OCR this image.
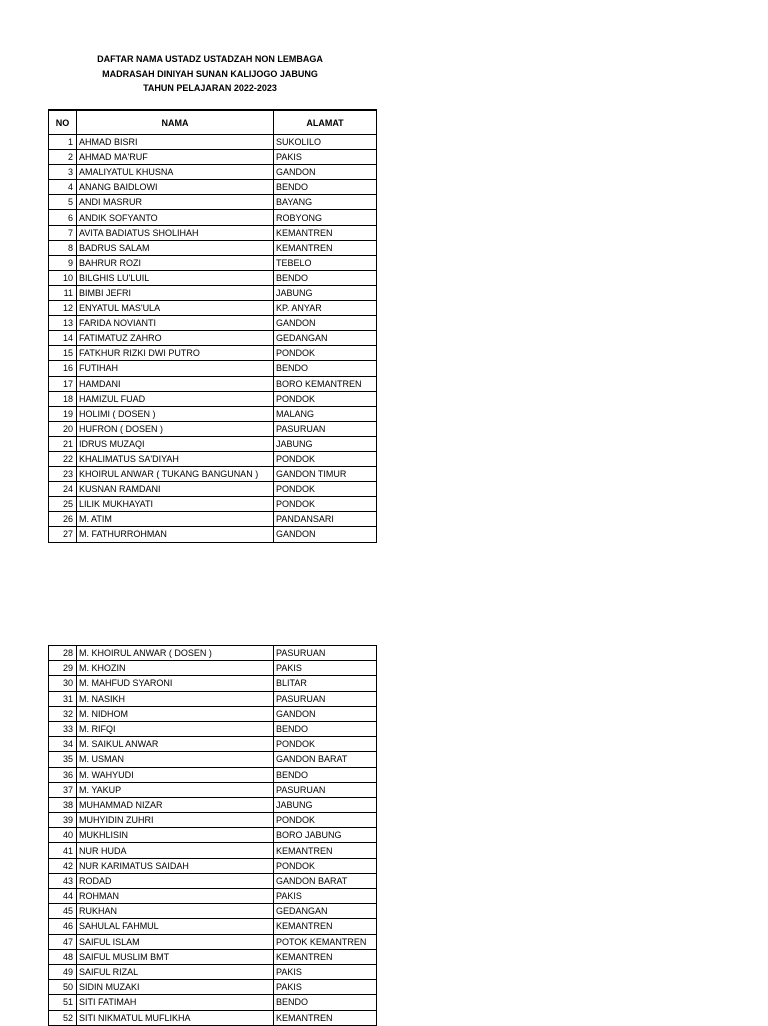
DAFTAR NAMA USTADZ USTADZAH NON LEMBAGA
MADRASAH DINIYAH SUNAN KALIJOGO JABUNG
TAHUN PELAJARAN 2022-2023
NO	NAMA	ALAMAT
1	AHMAD BISRI	SUKOLILO
2	AHMAD MA'RUF	PAKIS
3	AMALIYATUL KHUSNA	GANDON
4	ANANG BAIDLOWI	BENDO
5	ANDI MASRUR	BAYANG
6	ANDIK SOFYANTO	ROBYONG
7	AVITA BADIATUS SHOLIHAH	KEMANTREN
8	BADRUS SALAM	KEMANTREN
9	BAHRUR ROZI	TEBELO
10	BILGHIS LU'LUIL	BENDO
11	BIMBI JEFRI	JABUNG
12	ENYATUL MAS'ULA	KP. ANYAR
13	FARIDA NOVIANTI	GANDON
14	FATIMATUZ ZAHRO	GEDANGAN
15	FATKHUR RIZKI DWI PUTRO	PONDOK
16	FUTIHAH	BENDO
17	HAMDANI	BORO KEMANTREN
18	HAMIZUL FUAD	PONDOK
19	HOLIMI ( DOSEN )	MALANG
20	HUFRON ( DOSEN )	PASURUAN
21	IDRUS MUZAQI	JABUNG
22	KHALIMATUS SA'DIYAH	PONDOK
23	KHOIRUL ANWAR ( TUKANG BANGUNAN )	GANDON TIMUR
24	KUSNAN RAMDANI	PONDOK
25	LILIK MUKHAYATI	PONDOK
26	M. ATIM	PANDANSARI
27	M. FATHURROHMAN	GANDON
28	M. KHOIRUL ANWAR ( DOSEN )	PASURUAN
29	M. KHOZIN	PAKIS
30	M. MAHFUD SYARONI	BLITAR
31	M. NASIKH	PASURUAN
32	M. NIDHOM	GANDON
33	M. RIFQI	BENDO
34	M. SAIKUL ANWAR	PONDOK
35	M. USMAN	GANDON BARAT
36	M. WAHYUDI	BENDO
37	M. YAKUP	PASURUAN
38	MUHAMMAD NIZAR	JABUNG
39	MUHYIDIN ZUHRI	PONDOK
40	MUKHLISIN	BORO JABUNG
41	NUR HUDA	KEMANTREN
42	NUR KARIMATUS SAIDAH	PONDOK
43	RODAD	GANDON BARAT
44	ROHMAN	PAKIS
45	RUKHAN	GEDANGAN
46	SAHULAL FAHMUL	KEMANTREN
47	SAIFUL ISLAM	POTOK KEMANTREN
48	SAIFUL MUSLIM BMT	KEMANTREN
49	SAIFUL RIZAL	PAKIS
50	SIDIN MUZAKI	PAKIS
51	SITI FATIMAH	BENDO
52	SITI NIKMATUL MUFLIKHA	KEMANTREN
